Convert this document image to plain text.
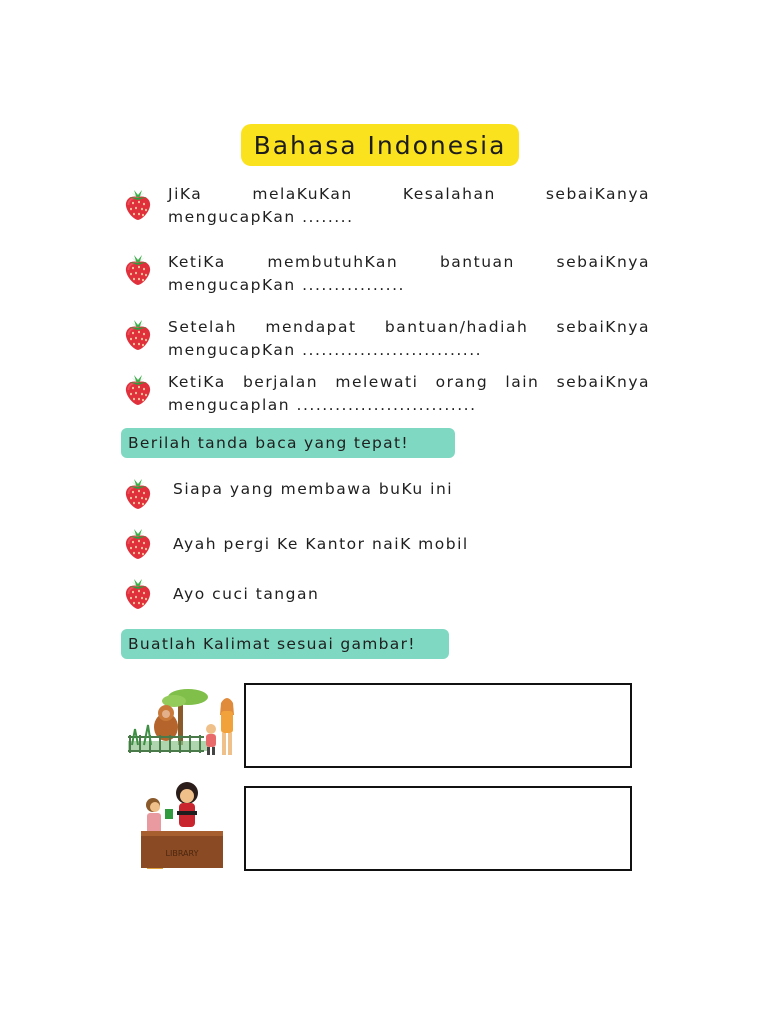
Bahasa Indonesia
JiKa	melaKuKan	Kesalahan	sebaiKanya
mengucapKan ........
KetiKa	membutuhKan	bantuan	sebaiKnya
mengucapKan ................
Setelah mendapat bantuan/hadiah sebaiKnya
mengucapKan ............................
KetiKa berjalan melewati orang lain sebaiKnya
mengucaplan ............................
Berilah tanda baca yang tepat!
Siapa yang membawa buKu ini
Ayah pergi Ke Kantor naiK mobil
Ayo cuci tangan
Buatlah Kalimat sesuai gambar!
LIBRARY
